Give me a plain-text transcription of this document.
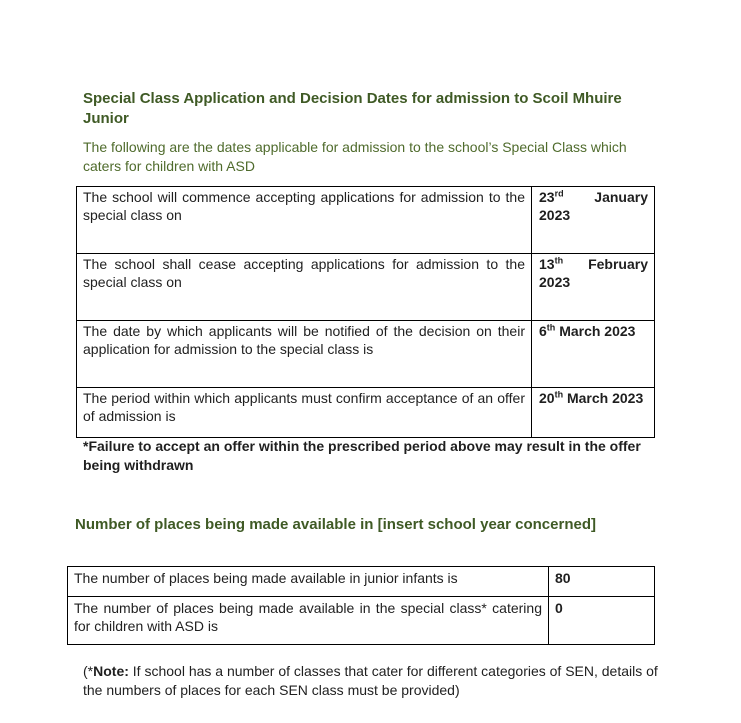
Special Class Application and Decision Dates for admission to Scoil Mhuire Junior

The following are the dates applicable for admission to the school’s Special Class which caters for children with ASD

The school will commence accepting applications for admission to the special class on	23rd January
2023

The school shall cease accepting applications for admission to the special class on	13th February
2023

The date by which applicants will be notified of the decision on their application for admission to the special class is	6th March 2023
The period within which applicants must confirm acceptance of an offer of admission is	20th March 2023

*Failure to accept an offer within the prescribed period above may result in the offer being withdrawn

Number of places being made available in [insert school year concerned]
The number of places being made available in junior infants is	80
The number of places being made available in the special class* catering for children with ASD is	0

(*Note: If school has a number of classes that cater for different categories of SEN, details of the numbers of places for each SEN class must be provided)
